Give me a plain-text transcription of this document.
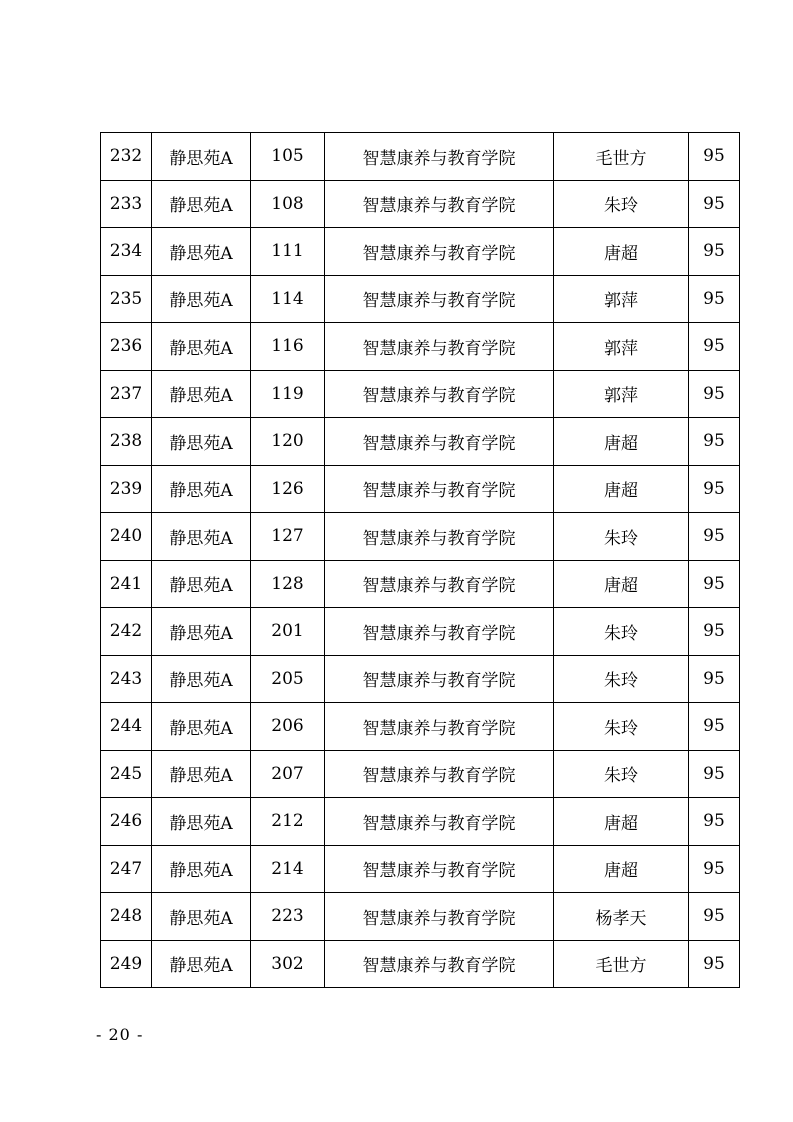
232	静思苑A	105	智慧康养与教育学院	毛世方	95
233	静思苑A	108	智慧康养与教育学院	朱玲	95
234	静思苑A	111	智慧康养与教育学院	唐超	95
235	静思苑A	114	智慧康养与教育学院	郭萍	95
236	静思苑A	116	智慧康养与教育学院	郭萍	95
237	静思苑A	119	智慧康养与教育学院	郭萍	95
238	静思苑A	120	智慧康养与教育学院	唐超	95
239	静思苑A	126	智慧康养与教育学院	唐超	95
240	静思苑A	127	智慧康养与教育学院	朱玲	95
241	静思苑A	128	智慧康养与教育学院	唐超	95
242	静思苑A	201	智慧康养与教育学院	朱玲	95
243	静思苑A	205	智慧康养与教育学院	朱玲	95
244	静思苑A	206	智慧康养与教育学院	朱玲	95
245	静思苑A	207	智慧康养与教育学院	朱玲	95
246	静思苑A	212	智慧康养与教育学院	唐超	95
247	静思苑A	214	智慧康养与教育学院	唐超	95
248	静思苑A	223	智慧康养与教育学院	杨孝天	95
249	静思苑A	302	智慧康养与教育学院	毛世方	95
- 20 -
